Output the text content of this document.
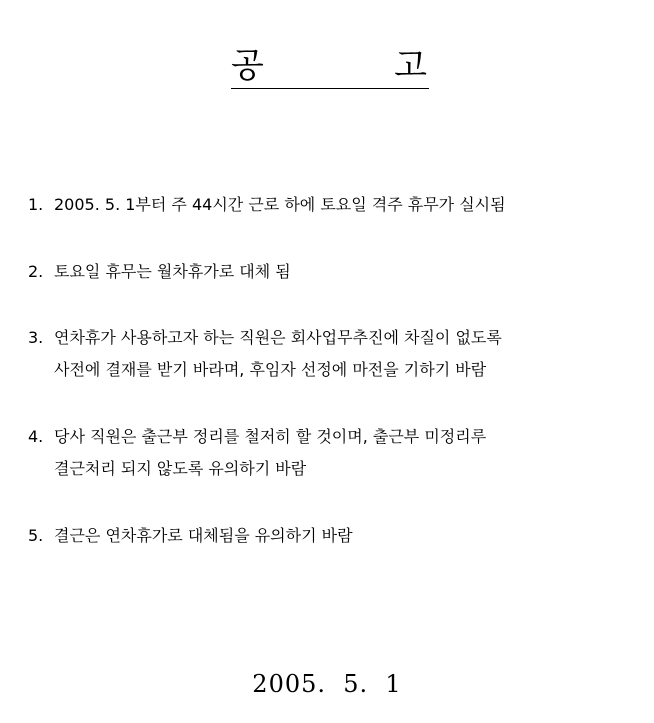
공	고
1. 2005. 5. 1부터 주 44시간 근로 하에 토요일 격주 휴무가 실시됨
2. 토요일 휴무는 월차휴가로 대체 됨
3. 연차휴가 사용하고자 하는 직원은 회사업무추진에 차질이 없도록
사전에 결재를 받기 바라며, 후임자 선정에 마전을 기하기 바람
4. 당사 직원은 출근부 정리를 철저히 할 것이며, 출근부 미정리루
결근처리 되지 않도록 유의하기 바람
5. 결근은 연차휴가로 대체됨을 유의하기 바람
2005.  5.  1
